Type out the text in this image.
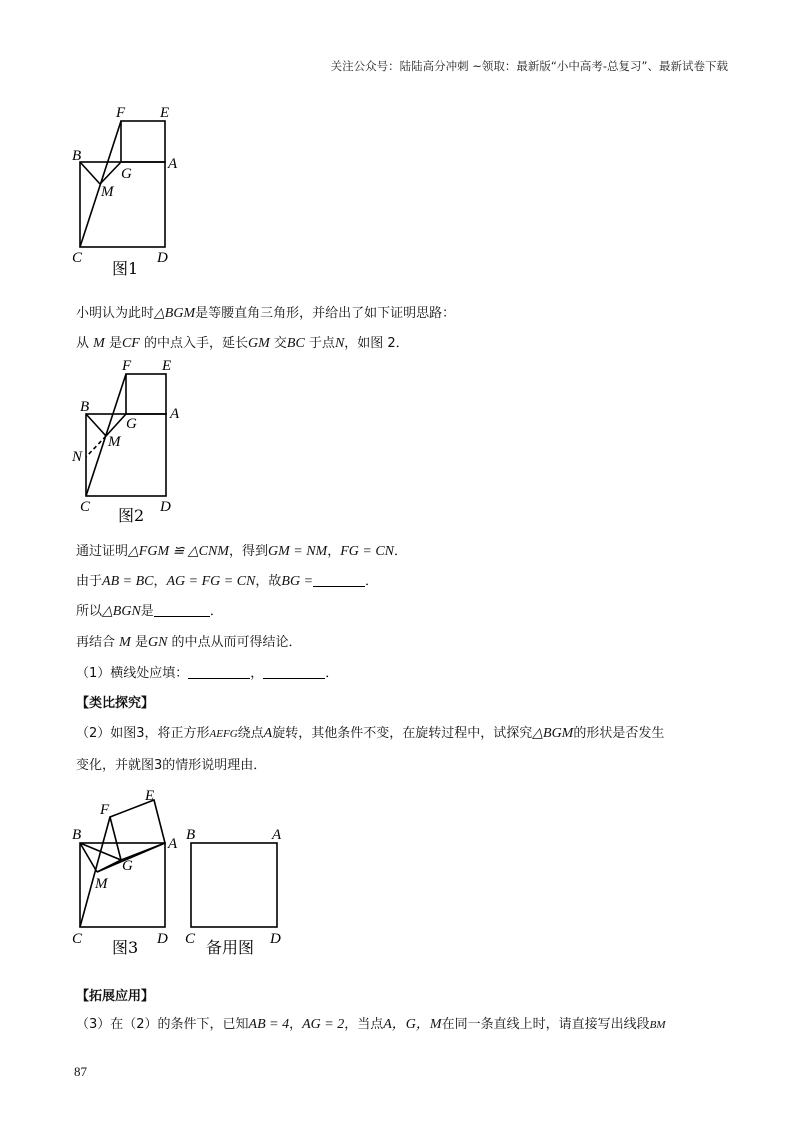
关注公众号：陆陆高分冲刺 ~领取：最新版“小中高考-总复习”、最新试卷下载
F E
B	A
G
M
C	D
图1
F E
B	A
G
M
N
C	D
图2
F
E
B
A
G
M
C	D
图3
B	A
C	D
备用图
小明认为此时△BGM是等腰直角三角形，并给出了如下证明思路：
从 M 是CF 的中点入手，延长GM 交BC 于点N，如图 2．
通过证明△FGM ≌ △CNM，得到GM = NM，FG = CN．
由于AB = BC，AG = FG = CN，故BG =	．
所以△BGN是	．
再结合 M 是GN 的中点从而可得结论．
（1）横线处应填：	，	．
【类比探究】
（2）如图3，将正方形AEFG绕点A旋转，其他条件不变，在旋转过程中，试探究△BGM的形状是否发生
变化，并就图3的情形说明理由．
【拓展应用】
（3）在（2）的条件下，已知AB = 4，AG = 2，当点A，G，M在同一条直线上时，请直接写出线段BM
87
